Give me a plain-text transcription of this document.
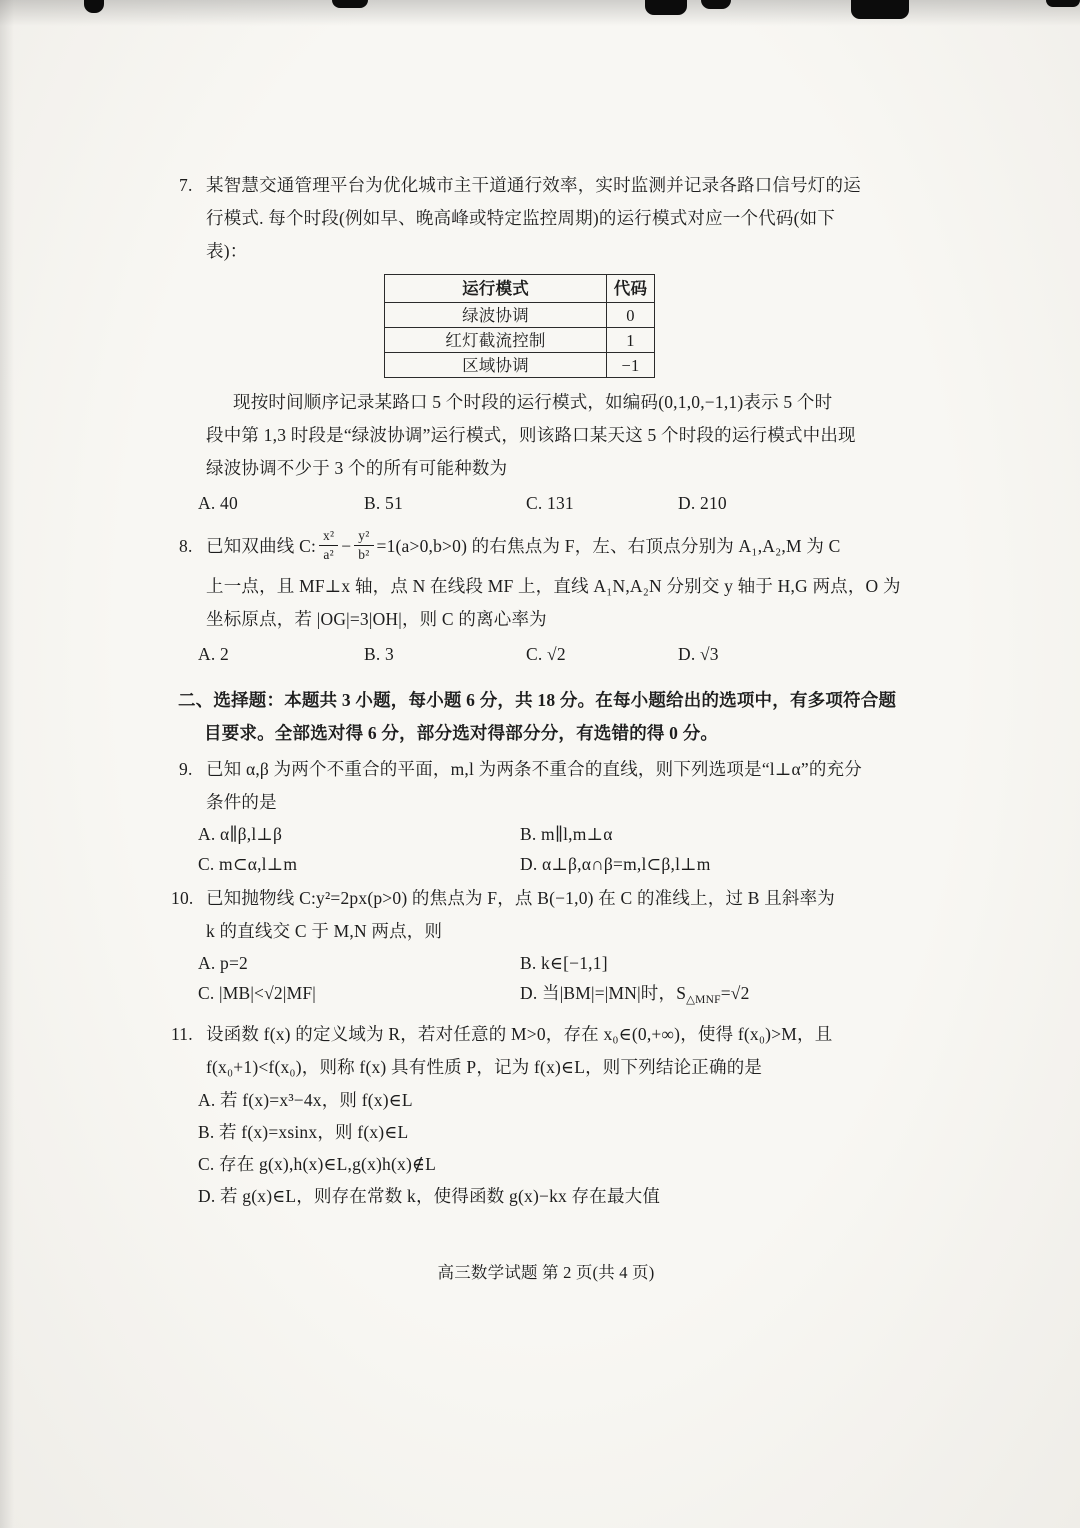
7. 某智慧交通管理平台为优化城市主干道通行效率，实时监测并记录各路口信号灯的运
行模式. 每个时段(例如早、晚高峰或特定监控周期)的运行模式对应一个代码(如下
表)：
运行模式	代码
绿波协调	0
红灯截流控制	1
区域协调	−1
现按时间顺序记录某路口 5 个时段的运行模式，如编码(0,1,0,−1,1)表示 5 个时
段中第 1,3 时段是“绿波协调”运行模式，则该路口某天这 5 个时段的运行模式中出现
绿波协调不少于 3 个的所有可能种数为
A. 40	B. 51	C. 131	D. 210
8. 已知双曲线 C: $\frac{\text{x²}}{\text{a²}} - \frac{\text{y²}}{\text{b²}} =1(a>0,b>0)$ 的右焦点为 F，左、右顶点分别为 A₁,A₂,M 为 C
上一点，且 MF⊥x 轴，点 N 在线段 MF 上，直线 A₁N,A₂N 分别交 y 轴于 H,G 两点，O 为
坐标原点，若 |OG|=3|OH|，则 C 的离心率为
A. 2	B. 3	C. √2	D. √3
二、选择题：本题共 3 小题，每小题 6 分，共 18 分。在每小题给出的选项中，有多项符合题
目要求。全部选对得 6 分，部分选对得部分分，有选错的得 0 分。
9. 已知 α,β 为两个不重合的平面，m,l 为两条不重合的直线，则下列选项是“l⊥α”的充分
条件的是
A. α∥β,l⊥β	B. m∥l,m⊥α
C. m⊂α,l⊥m	D. α⊥β,α∩β=m,l⊂β,l⊥m
10. 已知抛物线 C:y²=2px(p>0) 的焦点为 F，点 B(−1,0) 在 C 的准线上，过 B 且斜率为
k 的直线交 C 于 M,N 两点，则
A. p=2	B. k∈[−1,1]
C. |MB|<√2|MF|	D. 当|BM|=|MN|时，$S_{\triangle MNF}=√2$
11. 设函数 f(x) 的定义域为 R，若对任意的 M>0，存在 x₀∈(0,+∞)，使得 f(x₀)>M，且
f(x₀+1)<f(x₀)，则称 f(x) 具有性质 P，记为 f(x)∈L，则下列结论正确的是
A. 若 f(x)=x³−4x，则 f(x)∈L
B. 若 f(x)=xsinx，则 f(x)∈L
C. 存在 g(x),h(x)∈L,g(x)h(x)∉L
D. 若 g(x)∈L，则存在常数 k，使得函数 g(x)−kx 存在最大值
高三数学试题 第 2 页(共 4 页)
